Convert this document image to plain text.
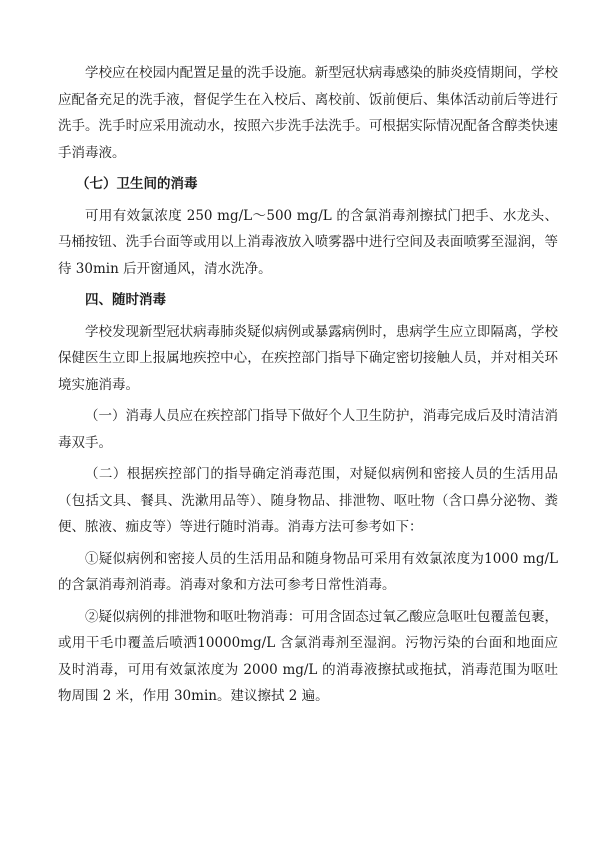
学校应在校园内配置足量的洗手设施。新型冠状病毒感染的肺炎疫情期间，学校应配备充足的洗手液，督促学生在入校后、离校前、饭前便后、集体活动前后等进行洗手。洗手时应采用流动水，按照六步洗手法洗手。可根据实际情况配备含醇类快速手消毒液。

（七）卫生间的消毒

可用有效氯浓度 250 mg/L～500 mg/L 的含氯消毒剂擦拭门把手、水龙头、马桶按钮、洗手台面等或用以上消毒液放入喷雾器中进行空间及表面喷雾至湿润，等待 30min 后开窗通风，清水洗净。

四、随时消毒

学校发现新型冠状病毒肺炎疑似病例或暴露病例时，患病学生应立即隔离，学校保健医生立即上报属地疾控中心，在疾控部门指导下确定密切接触人员，并对相关环境实施消毒。

（一）消毒人员应在疾控部门指导下做好个人卫生防护，消毒完成后及时清洁消毒双手。

（二）根据疾控部门的指导确定消毒范围，对疑似病例和密接人员的生活用品（包括文具、餐具、洗漱用品等）、随身物品、排泄物、呕吐物（含口鼻分泌物、粪便、脓液、痂皮等）等进行随时消毒。消毒方法可参考如下：

①疑似病例和密接人员的生活用品和随身物品可采用有效氯浓度为1000 mg/L 的含氯消毒剂消毒。消毒对象和方法可参考日常性消毒。

②疑似病例的排泄物和呕吐物消毒：可用含固态过氧乙酸应急呕吐包覆盖包裹，或用干毛巾覆盖后喷洒10000mg/L 含氯消毒剂至湿润。污物污染的台面和地面应及时消毒，可用有效氯浓度为 2000 mg/L 的消毒液擦拭或拖拭，消毒范围为呕吐物周围 2 米，作用 30min。建议擦拭 2 遍。
